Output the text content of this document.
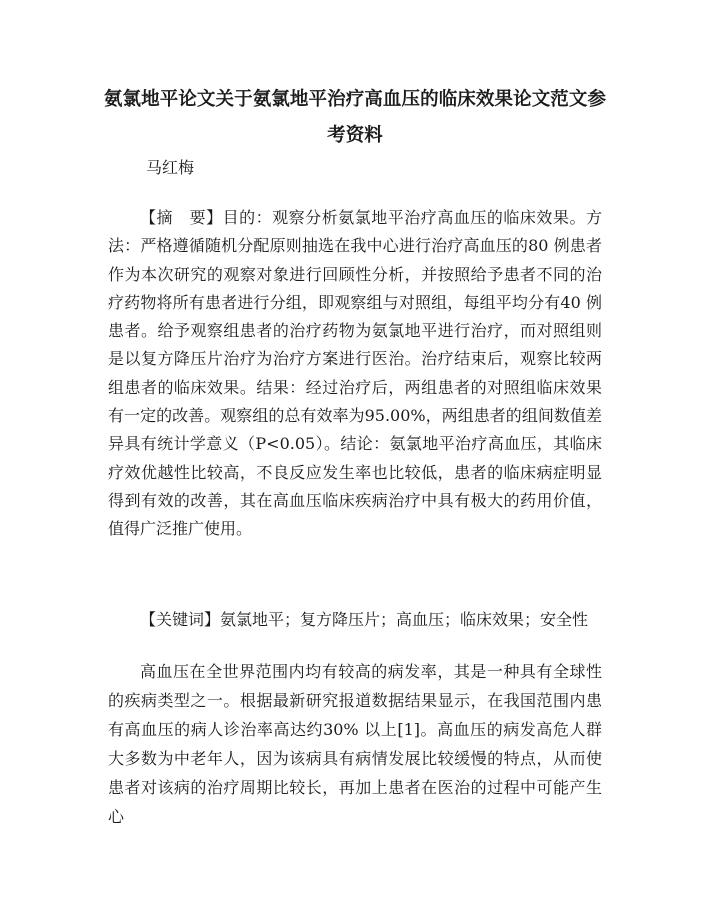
氨氯地平论文关于氨氯地平治疗高血压的临床效果论文范文参考资料
马红梅

【摘　要】目的：观察分析氨氯地平治疗高血压的临床效果。方法：严格遵循随机分配原则抽选在我中心进行治疗高血压的80 例患者作为本次研究的观察对象进行回顾性分析，并按照给予患者不同的治疗药物将所有患者进行分组，即观察组与对照组，每组平均分有40 例患者。给予观察组患者的治疗药物为氨氯地平进行治疗，而对照组则是以复方降压片治疗为治疗方案进行医治。治疗结束后，观察比较两组患者的临床效果。结果：经过治疗后，两组患者的对照组临床效果有一定的改善。观察组的总有效率为95.00%，两组患者的组间数值差异具有统计学意义（P<0.05）。结论：氨氯地平治疗高血压，其临床疗效优越性比较高，不良反应发生率也比较低，患者的临床病症明显得到有效的改善，其在高血压临床疾病治疗中具有极大的药用价值，值得广泛推广使用。

【关键词】氨氯地平；复方降压片；高血压；临床效果；安全性

高血压在全世界范围内均有较高的病发率，其是一种具有全球性的疾病类型之一。根据最新研究报道数据结果显示，在我国范围内患有高血压的病人诊治率高达约30% 以上[1]。高血压的病发高危人群大多数为中老年人，因为该病具有病情发展比较缓慢的特点，从而使患者对该病的治疗周期比较长，再加上患者在医治的过程中可能产生心
